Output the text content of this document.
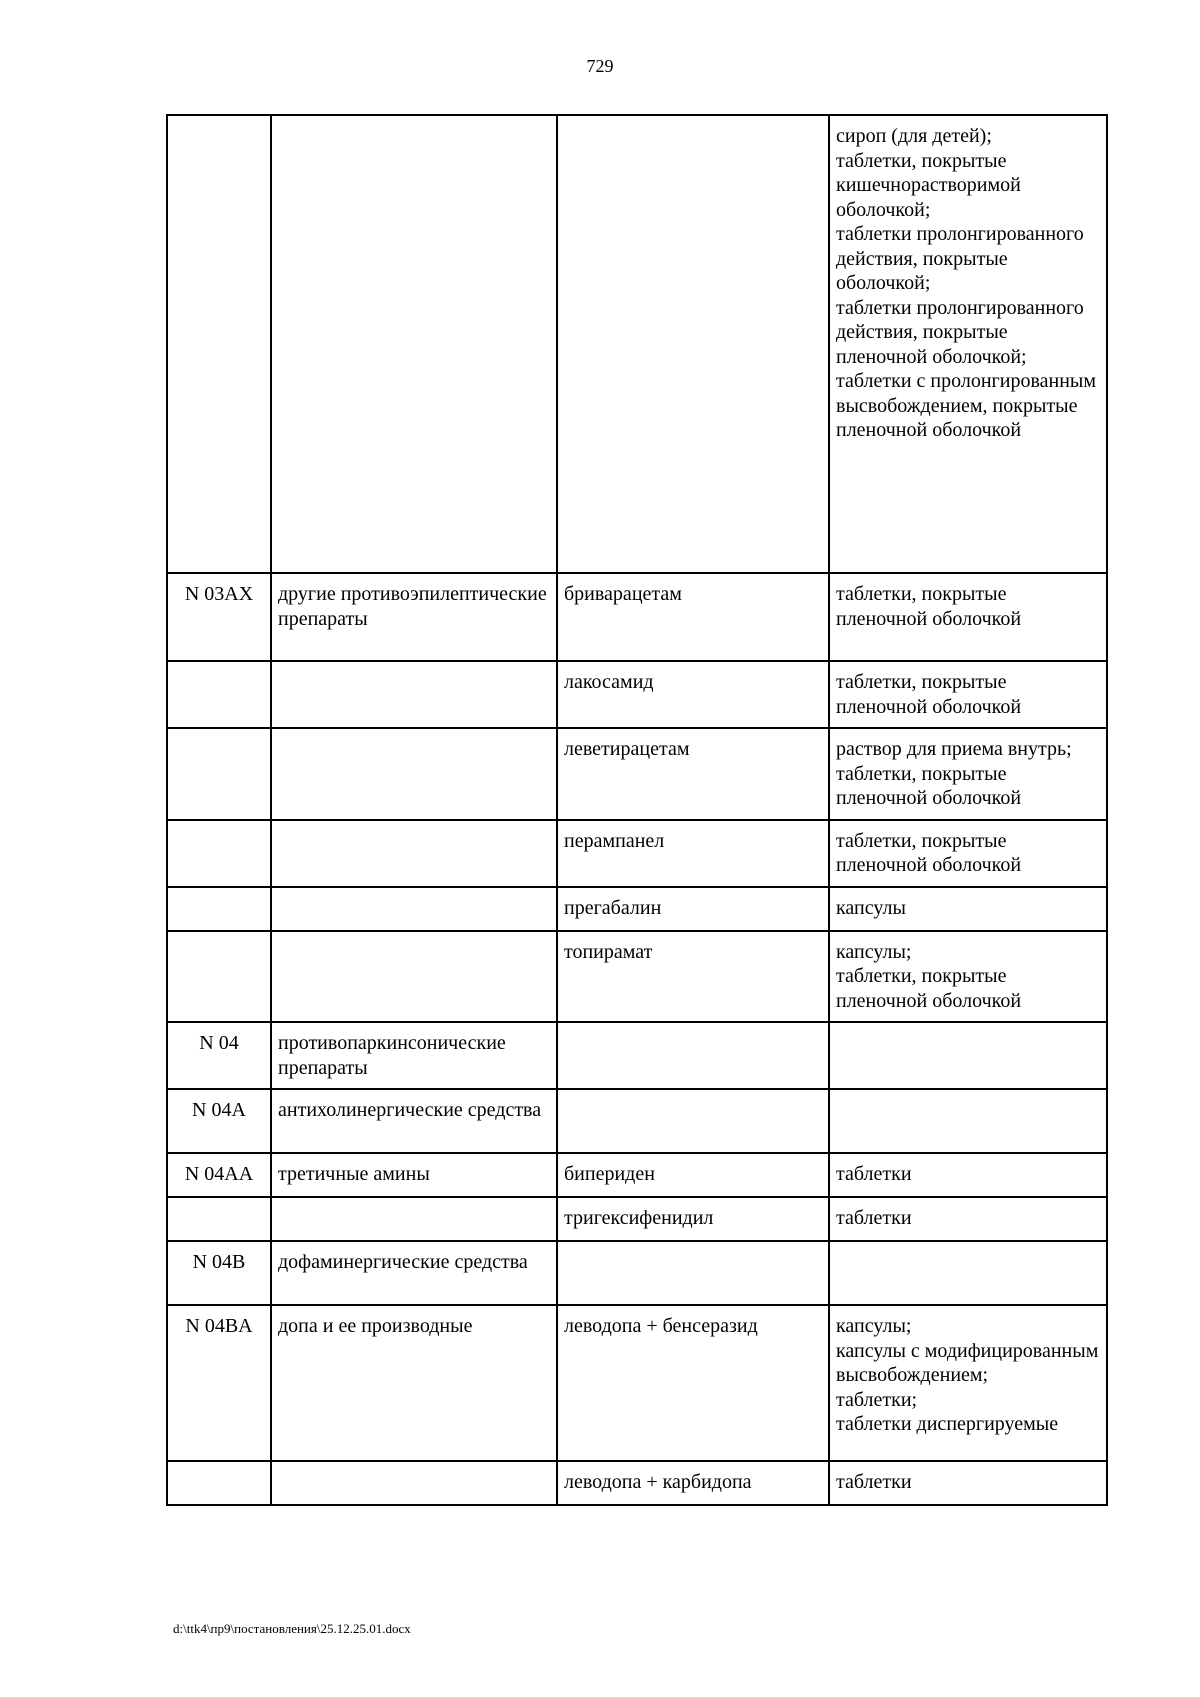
729
			сироп (для детей);
таблетки, покрытые кишечнорастворимой оболочкой;
таблетки пролонгированного действия, покрытые оболочкой;
таблетки пролонгированного действия, покрытые пленочной оболочкой;
таблетки с пролонгированным высвобождением, покрытые пленочной оболочкой
N 03AX	другие противоэпилептические препараты	бриварацетам	таблетки, покрытые пленочной оболочкой
		лакосамид	таблетки, покрытые пленочной оболочкой
		леветирацетам	раствор для приема внутрь;
таблетки, покрытые пленочной оболочкой
		перампанел	таблетки, покрытые пленочной оболочкой
		прегабалин	капсулы
		топирамат	капсулы;
таблетки, покрытые пленочной оболочкой
N 04	противопаркинсонические препараты		
N 04A	антихолинергические средства		
N 04AA	третичные амины	бипериден	таблетки
		тригексифенидил	таблетки
N 04B	дофаминергические средства		
N 04BA	допа и ее производные	леводопа + бенсеразид	капсулы;
капсулы с модифицированным высвобождением;
таблетки;
таблетки диспергируемые
		леводопа + карбидопа	таблетки
d:\ttk4\пр9\постановления\25.12.25.01.docx
